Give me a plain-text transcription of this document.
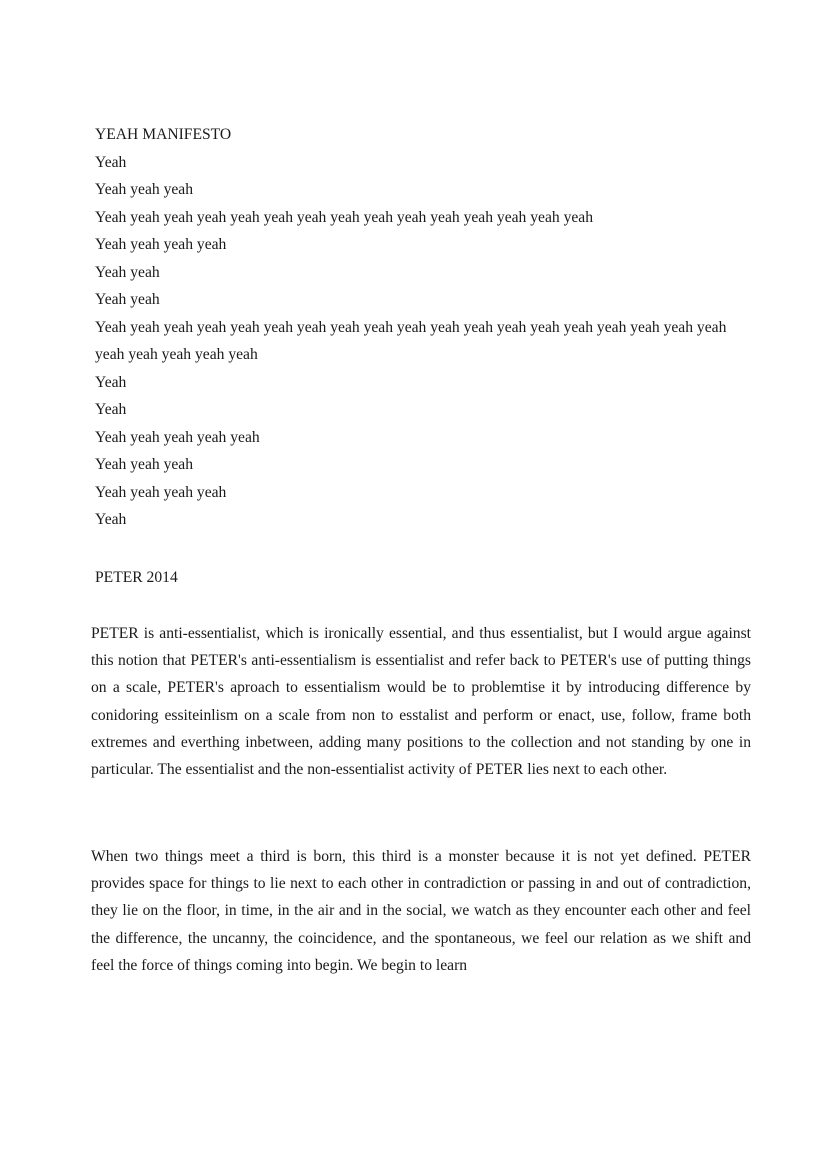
YEAH MANIFESTO
Yeah
Yeah yeah yeah
Yeah yeah yeah yeah yeah yeah yeah yeah yeah yeah yeah yeah yeah yeah yeah
Yeah yeah yeah yeah
Yeah yeah
Yeah yeah
Yeah yeah yeah yeah yeah yeah yeah yeah yeah yeah yeah yeah yeah yeah yeah yeah yeah yeah yeah yeah yeah yeah yeah yeah
Yeah
Yeah
Yeah yeah yeah yeah yeah
Yeah yeah yeah
Yeah yeah yeah yeah
Yeah
PETER 2014

PETER is anti-essentialist, which is ironically essential, and thus essentialist, but I would argue against this notion that PETER's anti-essentialism is essentialist and refer back to PETER's use of putting things on a scale, PETER's aproach to essentialism would be to problemtise it by introducing difference by conidoring essiteinlism on a scale from non to esstalist and perform or enact, use, follow, frame both extremes and everthing inbetween, adding many positions to the collection and not standing by one in particular. The essentialist and the non-essentialist activity of PETER lies next to each other.

When two things meet a third is born, this third is a monster because it is not yet defined. PETER provides space for things to lie next to each other in contradiction or passing in and out of contradiction, they lie on the floor, in time, in the air and in the social, we watch as they encounter each other and feel the difference, the uncanny, the coincidence, and the spontaneous, we feel our relation as we shift and feel the force of things coming into begin. We begin to learn
